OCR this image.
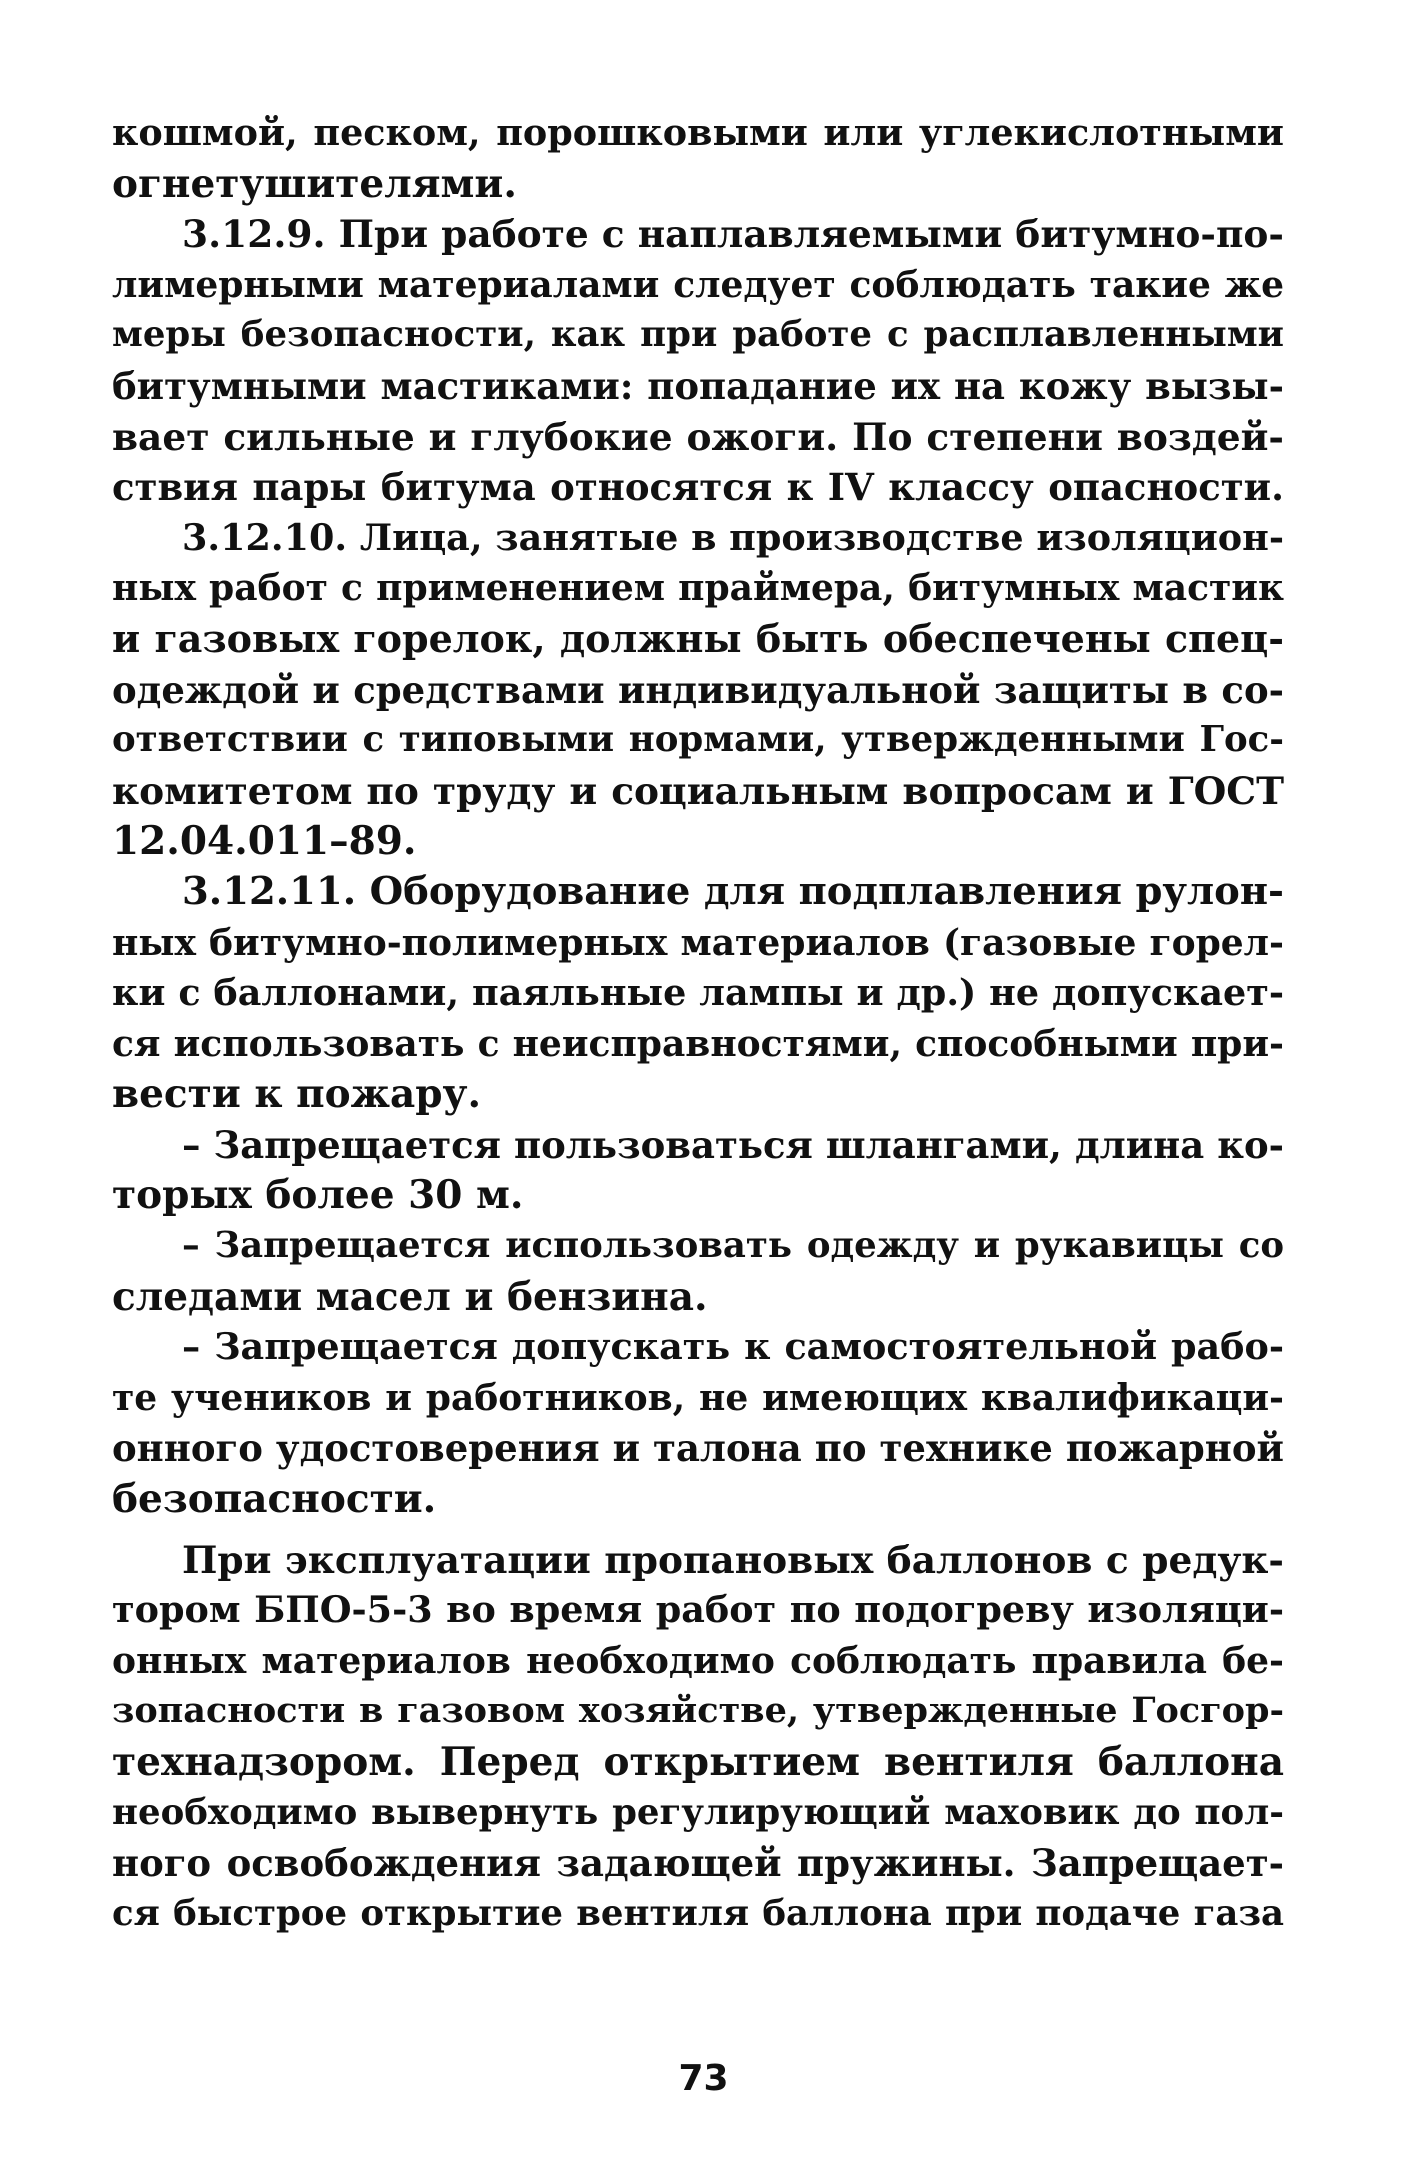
кошмой, песком, порошковыми или углекислотными
огнетушителями.
3.12.9. При работе с наплавляемыми битумно-по-
лимерными материалами следует соблюдать такие же
меры безопасности, как при работе с расплавленными
битумными мастиками: попадание их на кожу вызы-
вает сильные и глубокие ожоги. По степени воздей-
ствия пары битума относятся к IV классу опасности.
3.12.10. Лица, занятые в производстве изоляцион-
ных работ с применением праймера, битумных мастик
и газовых горелок, должны быть обеспечены спец-
одеждой и средствами индивидуальной защиты в со-
ответствии с типовыми нормами, утвержденными Гос-
комитетом по труду и социальным вопросам и ГОСТ
12.04.011–89.
3.12.11. Оборудование для подплавления рулон-
ных битумно-полимерных материалов (газовые горел-
ки с баллонами, паяльные лампы и др.) не допускает-
ся использовать с неисправностями, способными при-
вести к пожару.
– Запрещается пользоваться шлангами, длина ко-
торых более 30 м.
– Запрещается использовать одежду и рукавицы со
следами масел и бензина.
– Запрещается допускать к самостоятельной рабо-
те учеников и работников, не имеющих квалификаци-
онного удостоверения и талона по технике пожарной
безопасности.
При эксплуатации пропановых баллонов с редук-
тором БПО-5-3 во время работ по подогреву изоляци-
онных материалов необходимо соблюдать правила бе-
зопасности в газовом хозяйстве, утвержденные Госгор-
технадзором. Перед открытием вентиля баллона
необходимо вывернуть регулирующий маховик до пол-
ного освобождения задающей пружины. Запрещает-
ся быстрое открытие вентиля баллона при подаче газа
73
